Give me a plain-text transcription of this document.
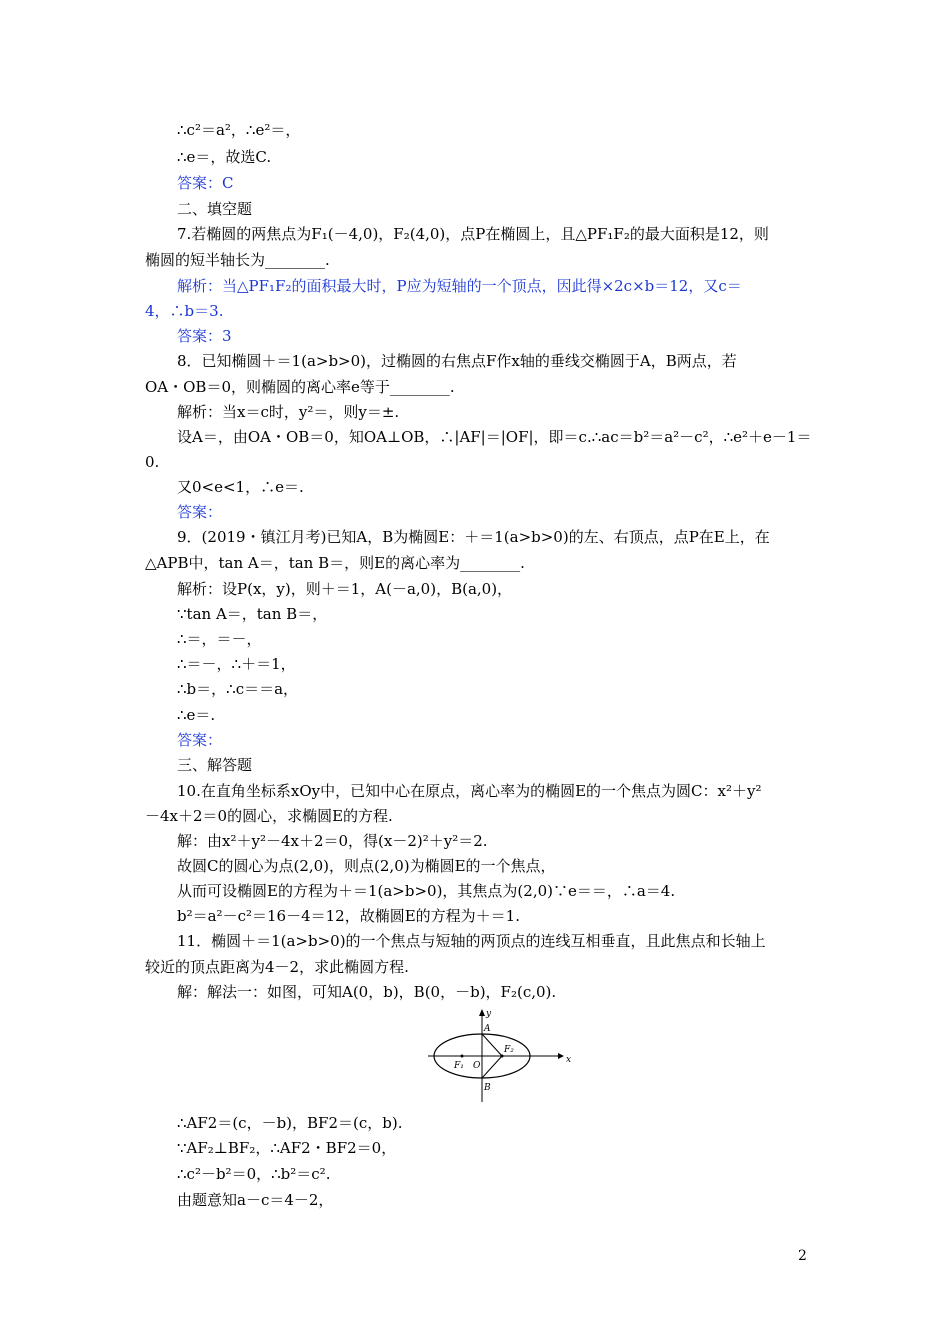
∴c²＝a²，∴e²＝，
∴e＝，故选C.
答案：C
二、填空题
7.若椭圆的两焦点为F₁(－4,0)，F₂(4,0)，点P在椭圆上，且△PF₁F₂的最大面积是12，则
椭圆的短半轴长为________.
解析：当△PF₁F₂的面积最大时，P应为短轴的一个顶点，因此得×2c×b＝12，又c＝
4，∴b＝3.
答案：3
8．已知椭圆＋＝1(a>b>0)，过椭圆的右焦点F作x轴的垂线交椭圆于A，B两点，若
OA・OB＝0，则椭圆的离心率e等于________.
解析：当x＝c时，y²＝，则y＝±.
设A＝，由OA・OB＝0，知OA⊥OB，∴|AF|＝|OF|，即＝c.∴ac＝b²＝a²－c²，∴e²＋e－1＝
0.
又0<e<1，∴e＝.
答案：
9．(2019・镇江月考)已知A，B为椭圆E：＋＝1(a>b>0)的左、右顶点，点P在E上，在
△APB中，tan A＝，tan B＝，则E的离心率为________.
解析：设P(x，y)，则＋＝1，A(－a,0)，B(a,0)，
∵tan A＝，tan B＝，
∴＝，＝－，
∴＝－，∴＋＝1，
∴b＝，∴c＝＝a，
∴e＝.
答案：
三、解答题
10.在直角坐标系xOy中，已知中心在原点，离心率为的椭圆E的一个焦点为圆C：x²＋y²
－4x＋2＝0的圆心，求椭圆E的方程.
解：由x²＋y²－4x＋2＝0，得(x－2)²＋y²＝2.
故圆C的圆心为点(2,0)，则点(2,0)为椭圆E的一个焦点，
从而可设椭圆E的方程为＋＝1(a>b>0)，其焦点为(2,0)∵e＝＝，∴a＝4.
b²＝a²－c²＝16－4＝12，故椭圆E的方程为＋＝1.
11．椭圆＋＝1(a>b>0)的一个焦点与短轴的两顶点的连线互相垂直，且此焦点和长轴上
较近的顶点距离为4－2，求此椭圆方程.
解：解法一：如图，可知A(0，b)，B(0，－b)，F₂(c,0).
y
x
A
B
O
F₁
F₂
∴AF2＝(c，－b)，BF2＝(c，b).
∵AF₂⊥BF₂，∴AF2・BF2＝0，
∴c²－b²＝0，∴b²＝c².
由题意知a－c＝4－2，
2
